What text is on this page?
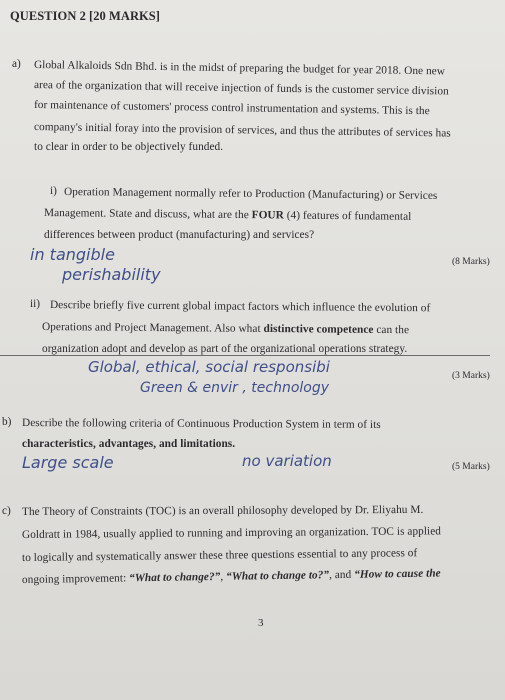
QUESTION 2 [20 MARKS]
a) Global Alkaloids Sdn Bhd. is in the midst of preparing the budget for year 2018. One new
area of the organization that will receive injection of funds is the customer service division
for maintenance of customers' process control instrumentation and systems. This is the
company's initial foray into the provision of services, and thus the attributes of services has
to clear in order to be objectively funded.
i) Operation Management normally refer to Production (Manufacturing) or Services
Management. State and discuss, what are the FOUR (4) features of fundamental
differences between product (manufacturing) and services?
in tangible
perishability
(8 Marks)
ii) Describe briefly five current global impact factors which influence the evolution of
Operations and Project Management. Also what distinctive competence can the
organization adopt and develop as part of the organizational operations strategy.
Global, ethical, social responsibi
Green & envir , technology
(3 Marks)
b) Describe the following criteria of Continuous Production System in term of its
characteristics, advantages, and limitations.
Large scale	no variation	(5 Marks)
c) The Theory of Constraints (TOC) is an overall philosophy developed by Dr. Eliyahu M.
Goldratt in 1984, usually applied to running and improving an organization. TOC is applied
to logically and systematically answer these three questions essential to any process of
ongoing improvement: “What to change?”, “What to change to?”, and “How to cause the
3
